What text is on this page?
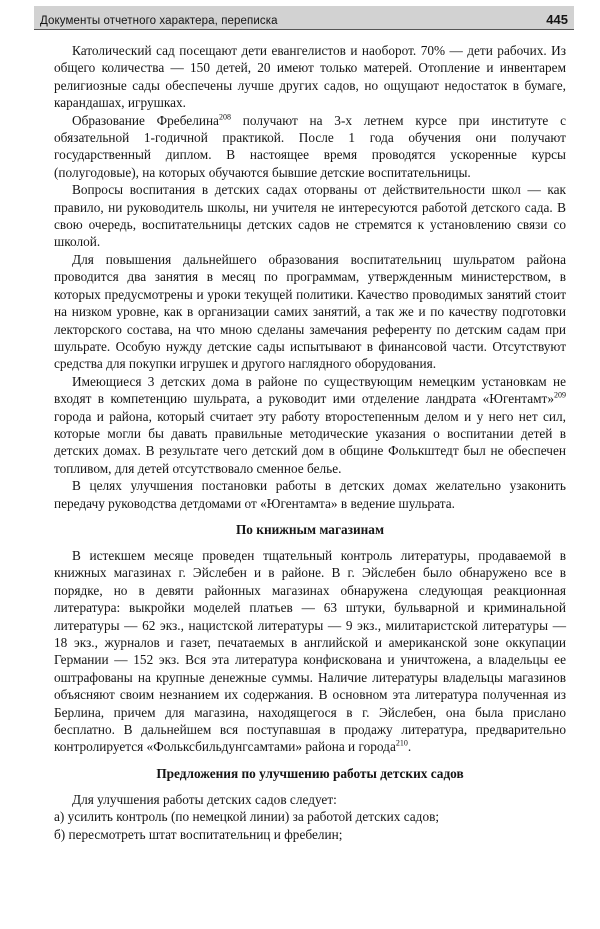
Документы отчетного характера, переписка	445

Католический сад посещают дети евангелистов и наоборот. 70% — дети рабочих. Из общего количества — 150 детей, 20 имеют только матерей. Отопление и инвентарем религиозные сады обеспечены лучше других садов, но ощущают недостаток в бумаге, карандашах, игрушках.

Образование Фребелина$^{208}$ получают на 3-х летнем курсе при институте с обязательной 1-годичной практикой. После 1 года обучения они получают государственный диплом. В настоящее время проводятся ускоренные курсы (полугодовые), на которых обучаются бывшие детские воспитательницы.

Вопросы воспитания в детских садах оторваны от действительности школ — как правило, ни руководитель школы, ни учителя не интересуются работой детского сада. В свою очередь, воспитательницы детских садов не стремятся к установлению связи со школой.

Для повышения дальнейшего образования воспитательниц шульратом района проводится два занятия в месяц по программам, утвержденным министерством, в которых предусмотрены и уроки текущей политики. Качество проводимых занятий стоит на низком уровне, как в организации самих занятий, а так же и по качеству подготовки лекторского состава, на что мною сделаны замечания референту по детским садам при шульрате. Особую нужду детские сады испытывают в финансовой части. Отсутствуют средства для покупки игрушек и другого наглядного оборудования.

Имеющиеся 3 детских дома в районе по существующим немецким установкам не входят в компетенцию шульрата, а руководит ими отделение ландрата «Югентамт»$^{209}$ города и района, который считает эту работу второстепенным делом и у него нет сил, которые могли бы давать правильные методические указания о воспитании детей в детских домах. В результате чего детский дом в общине Фолькштедт был не обеспечен топливом, для детей отсутствовало сменное белье.

В целях улучшения постановки работы в детских домах желательно узаконить передачу руководства детдомами от «Югентамта» в ведение шульрата.

По книжным магазинам

В истекшем месяце проведен тщательный контроль литературы, продаваемой в книжных магазинах г. Эйслебен и в районе. В г. Эйслебен было обнаружено все в порядке, но в девяти районных магазинах обнаружена следующая реакционная литература: выкройки моделей платьев — 63 штуки, бульварной и криминальной литературы — 62 экз., нацистской литературы — 9 экз., милитаристской литературы — 18 экз., журналов и газет, печатаемых в английской и американской зоне оккупации Германии — 152 экз. Вся эта литература конфискована и уничтожена, а владельцы ее оштрафованы на крупные денежные суммы. Наличие литературы владельцы магазинов объясняют своим незнанием их содержания. В основном эта литература полученная из Берлина, причем для магазина, находящегося в г. Эйслебен, она была прислано бесплатно. В дальнейшем вся поступавшая в продажу литература, предварительно контролируется «Фольксбильдунгсамтами» района и города$^{210}$.

Предложения по улучшению работы детских садов

Для улучшения работы детских садов следует:

а) усилить контроль (по немецкой линии) за работой детских садов;

б) пересмотреть штат воспитательниц и фребелин;
